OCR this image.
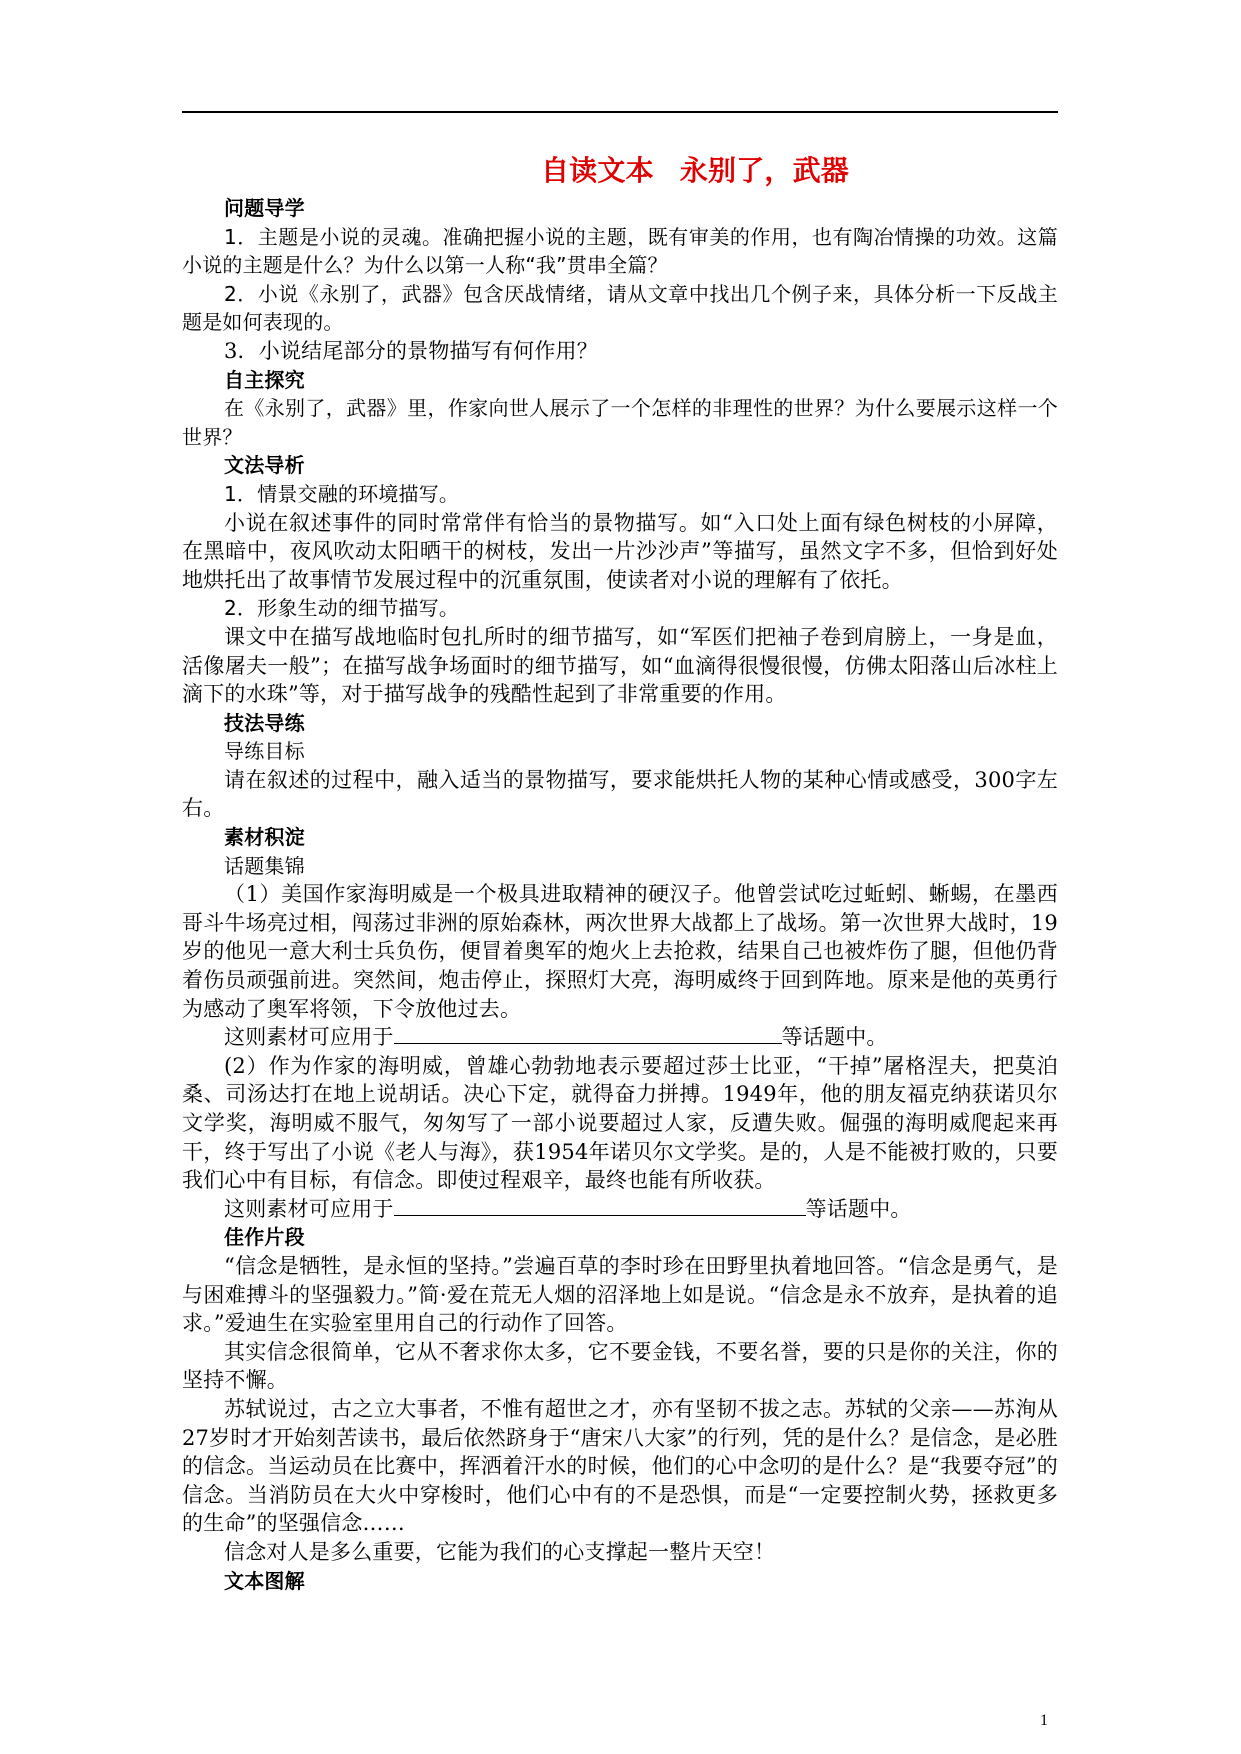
自读文本 永别了，武器

问题导学

1．主题是小说的灵魂。准确把握小说的主题，既有审美的作用，也有陶冶情操的功效。这篇小说的主题是什么？为什么以第一人称“我”贯串全篇？

2．小说《永别了，武器》包含厌战情绪，请从文章中找出几个例子来，具体分析一下反战主题是如何表现的。

3．小说结尾部分的景物描写有何作用？

自主探究

在《永别了，武器》里，作家向世人展示了一个怎样的非理性的世界？为什么要展示这样一个世界？

文法导析

1．情景交融的环境描写。

小说在叙述事件的同时常常伴有恰当的景物描写。如“入口处上面有绿色树枝的小屏障，在黑暗中，夜风吹动太阳晒干的树枝，发出一片沙沙声”等描写，虽然文字不多，但恰到好处地烘托出了故事情节发展过程中的沉重氛围，使读者对小说的理解有了依托。

2．形象生动的细节描写。

课文中在描写战地临时包扎所时的细节描写，如“军医们把袖子卷到肩膀上，一身是血，活像屠夫一般”；在描写战争场面时的细节描写，如“血滴得很慢很慢，仿佛太阳落山后冰柱上滴下的水珠”等，对于描写战争的残酷性起到了非常重要的作用。

技法导练

导练目标

请在叙述的过程中，融入适当的景物描写，要求能烘托人物的某种心情或感受，300字左右。

素材积淀

话题集锦

（1）美国作家海明威是一个极具进取精神的硬汉子。他曾尝试吃过蚯蚓、蜥蜴，在墨西哥斗牛场亮过相，闯荡过非洲的原始森林，两次世界大战都上了战场。第一次世界大战时，19岁的他见一意大利士兵负伤，便冒着奥军的炮火上去抢救，结果自己也被炸伤了腿，但他仍背着伤员顽强前进。突然间，炮击停止，探照灯大亮，海明威终于回到阵地。原来是他的英勇行为感动了奥军将领，下令放他过去。

这则素材可应用于	等话题中。

(2）作为作家的海明威，曾雄心勃勃地表示要超过莎士比亚，“干掉”屠格涅夫，把莫泊桑、司汤达打在地上说胡话。决心下定，就得奋力拼搏。1949年，他的朋友福克纳获诺贝尔文学奖，海明威不服气，匆匆写了一部小说要超过人家，反遭失败。倔强的海明威爬起来再干，终于写出了小说《老人与海》，获1954年诺贝尔文学奖。是的，人是不能被打败的，只要我们心中有目标，有信念。即使过程艰辛，最终也能有所收获。

这则素材可应用于	等话题中。

佳作片段

“信念是牺牲，是永恒的坚持。”尝遍百草的李时珍在田野里执着地回答。“信念是勇气，是与困难搏斗的坚强毅力。”简·爱在荒无人烟的沼泽地上如是说。“信念是永不放弃，是执着的追求。”爱迪生在实验室里用自己的行动作了回答。

其实信念很简单，它从不奢求你太多，它不要金钱，不要名誉，要的只是你的关注，你的坚持不懈。

苏轼说过，古之立大事者，不惟有超世之才，亦有坚韧不拔之志。苏轼的父亲——苏洵从27岁时才开始刻苦读书，最后依然跻身于“唐宋八大家”的行列，凭的是什么？是信念，是必胜的信念。当运动员在比赛中，挥洒着汗水的时候，他们的心中念叨的是什么？是“我要夺冠”的信念。当消防员在大火中穿梭时，他们心中有的不是恐惧，而是“一定要控制火势，拯救更多的生命”的坚强信念……

信念对人是多么重要，它能为我们的心支撑起一整片天空！

文本图解

1
